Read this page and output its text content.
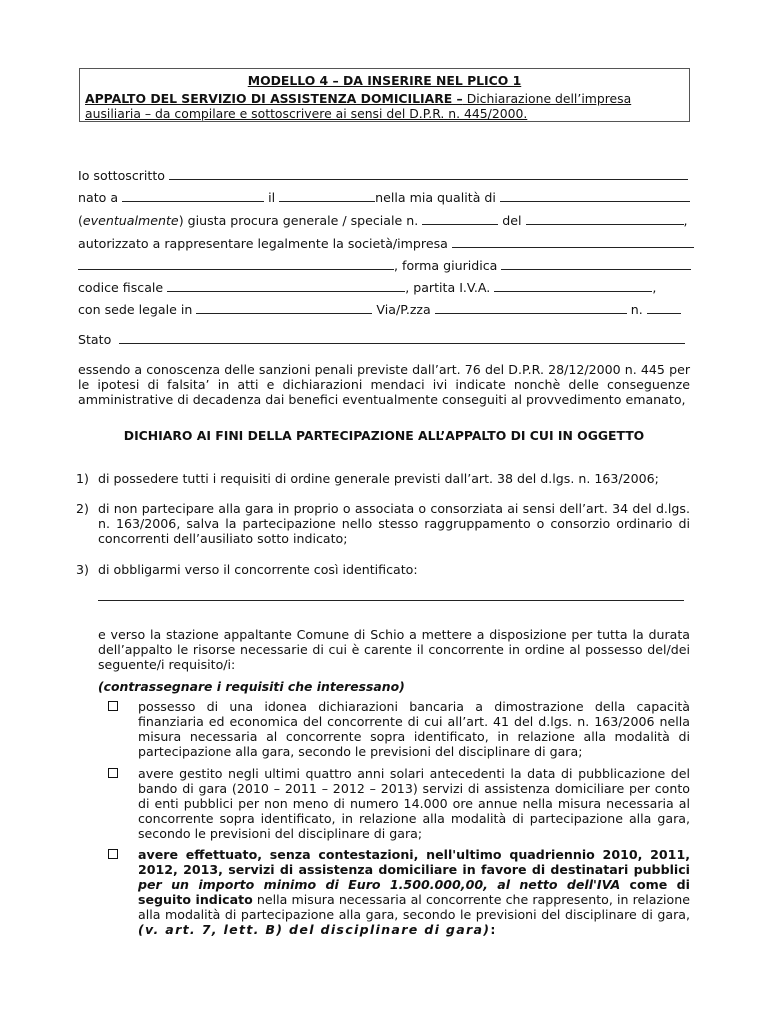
MODELLO 4 – DA INSERIRE NEL PLICO 1
APPALTO DEL SERVIZIO DI ASSISTENZA DOMICILIARE – Dichiarazione dell’impresa ausiliaria – da compilare e sottoscrivere ai sensi del D.P.R. n. 445/2000.
Io sottoscritto
nato a	il	nella mia qualità di
(eventualmente) giusta procura generale / speciale n.	del	,
autorizzato a rappresentare legalmente la società/impresa
, forma giuridica
codice fiscale	, partita I.V.A.	,
con sede legale in	Via/P.zza	n.
Stato
essendo a conoscenza delle sanzioni penali previste dall’art. 76 del D.P.R. 28/12/2000 n. 445 per le ipotesi di falsita’ in atti e dichiarazioni mendaci ivi indicate nonchè delle conseguenze amministrative di decadenza dai benefici eventualmente conseguiti al provvedimento emanato,
DICHIARO AI FINI DELLA PARTECIPAZIONE ALL’APPALTO DI CUI IN OGGETTO
1) di possedere tutti i requisiti di ordine generale previsti dall’art. 38 del d.lgs. n. 163/2006;
2) di non partecipare alla gara in proprio o associata o consorziata ai sensi dell’art. 34 del d.lgs. n. 163/2006, salva la partecipazione nello stesso raggruppamento o consorzio ordinario di concorrenti dell’ausiliato sotto indicato;
3) di obbligarmi verso il concorrente così identificato:
e verso la stazione appaltante Comune di Schio a mettere a disposizione per tutta la durata dell’appalto le risorse necessarie di cui è carente il concorrente in ordine al possesso del/dei seguente/i requisito/i:
(contrassegnare i requisiti che interessano)
possesso di una idonea dichiarazioni bancaria a dimostrazione della capacità finanziaria ed economica del concorrente di cui all’art. 41 del d.lgs. n. 163/2006 nella misura necessaria al concorrente sopra identificato, in relazione alla modalità di partecipazione alla gara, secondo le previsioni del disciplinare di gara;
avere gestito negli ultimi quattro anni solari antecedenti la data di pubblicazione del bando di gara (2010 – 2011 – 2012 – 2013) servizi di assistenza domiciliare per conto di enti pubblici per non meno di numero 14.000 ore annue nella misura necessaria al concorrente sopra identificato, in relazione alla modalità di partecipazione alla gara, secondo le previsioni del disciplinare di gara;
avere effettuato, senza contestazioni, nell'ultimo quadriennio 2010, 2011, 2012, 2013, servizi di assistenza domiciliare in favore di destinatari pubblici per un importo minimo di Euro 1.500.000,00, al netto dell'IVA come di seguito indicato nella misura necessaria al concorrente che rappresento, in relazione alla modalità di partecipazione alla gara, secondo le previsioni del disciplinare di gara, (v. art. 7, lett. B) del disciplinare di gara):
